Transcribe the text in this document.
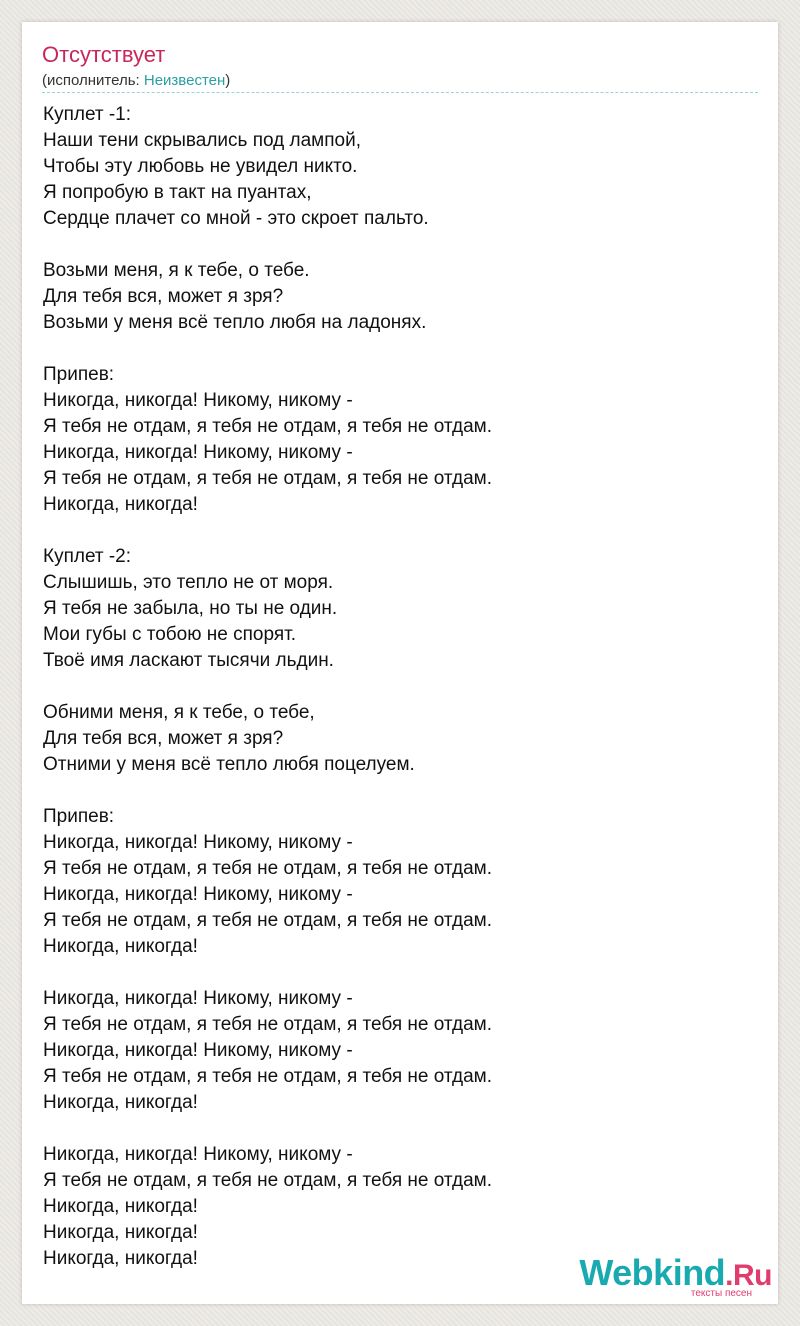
Отсутствует
(исполнитель: Неизвестен)
Куплет -1:
Наши тени скрывались под лампой,
Чтобы эту любовь не увидел никто.
Я попробую в такт на пуантах,
Сердце плачет со мной - это скроет пальто.
Возьми меня, я к тебе, о тебе.
Для тебя вся, может я зря?
Возьми у меня всё тепло любя на ладонях.
Припев:
Никогда, никогда! Никому, никому -
Я тебя не отдам, я тебя не отдам, я тебя не отдам.
Никогда, никогда! Никому, никому -
Я тебя не отдам, я тебя не отдам, я тебя не отдам.
Никогда, никогда!
Куплет -2:
Слышишь, это тепло не от моря.
Я тебя не забыла, но ты не один.
Мои губы с тобою не спорят.
Твоё имя ласкают тысячи льдин.
Обними меня, я к тебе, о тебе,
Для тебя вся, может я зря?
Отними у меня всё тепло любя поцелуем.
Припев:
Никогда, никогда! Никому, никому -
Я тебя не отдам, я тебя не отдам, я тебя не отдам.
Никогда, никогда! Никому, никому -
Я тебя не отдам, я тебя не отдам, я тебя не отдам.
Никогда, никогда!
Никогда, никогда! Никому, никому -
Я тебя не отдам, я тебя не отдам, я тебя не отдам.
Никогда, никогда! Никому, никому -
Я тебя не отдам, я тебя не отдам, я тебя не отдам.
Никогда, никогда!
Никогда, никогда! Никому, никому -
Я тебя не отдам, я тебя не отдам, я тебя не отдам.
Никогда, никогда!
Никогда, никогда!
Никогда, никогда!	Webkind.Ru
тексты песен
